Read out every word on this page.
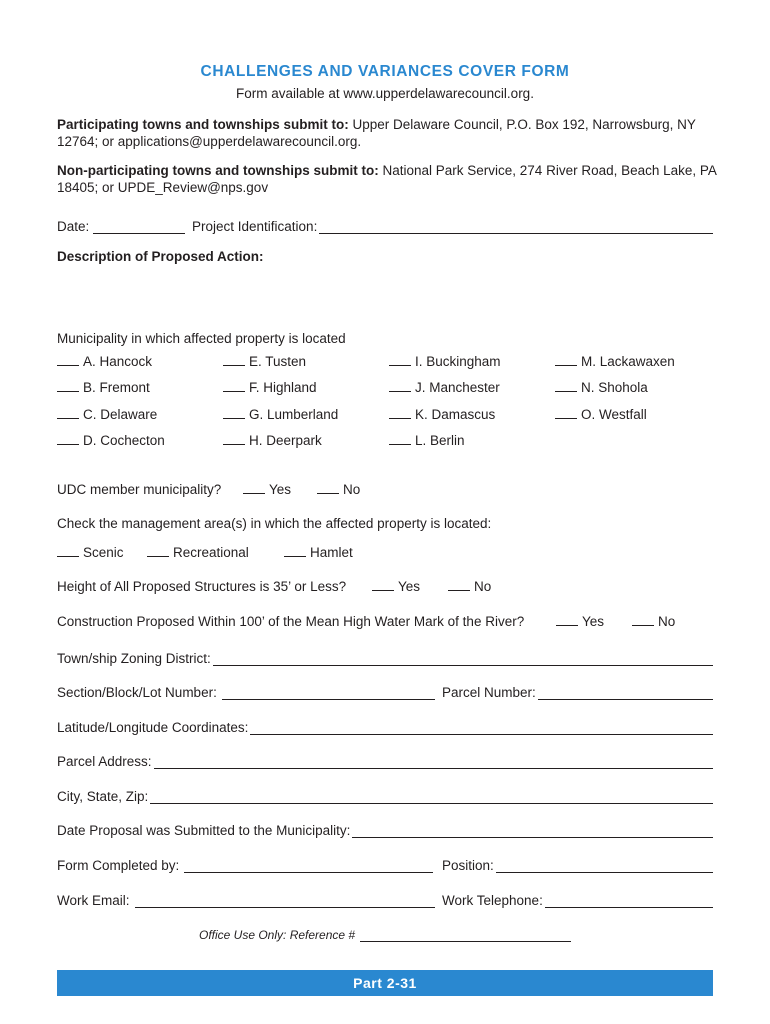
CHALLENGES AND VARIANCES COVER FORM
Form available at www.upperdelawarecouncil.org.
Participating towns and townships submit to: Upper Delaware Council, P.O. Box 192, Narrowsburg, NY 12764; or applications@upperdelawarecouncil.org.
Non-participating towns and townships submit to: National Park Service, 274 River Road, Beach Lake, PA 18405; or UPDE_Review@nps.gov
Date:	Project Identification:
Description of Proposed Action:
Municipality in which affected property is located
A. Hancock	E. Tusten	I. Buckingham	M. Lackawaxen
B. Fremont	F. Highland	J. Manchester	N. Shohola
C. Delaware	G. Lumberland	K. Damascus	O. Westfall
D. Cochecton	H. Deerpark	L. Berlin
UDC member municipality?	Yes	No
Check the management area(s) in which the affected property is located:
Scenic	Recreational	Hamlet
Height of All Proposed Structures is 35’ or Less?	Yes	No
Construction Proposed Within 100’ of the Mean High Water Mark of the River?	Yes	No
Town/ship Zoning District:
Section/Block/Lot Number:	Parcel Number:
Latitude/Longitude Coordinates:
Parcel Address:
City, State, Zip:
Date Proposal was Submitted to the Municipality:
Form Completed by:	Position:
Work Email:	Work Telephone:
Office Use Only: Reference #
Part 2-31
